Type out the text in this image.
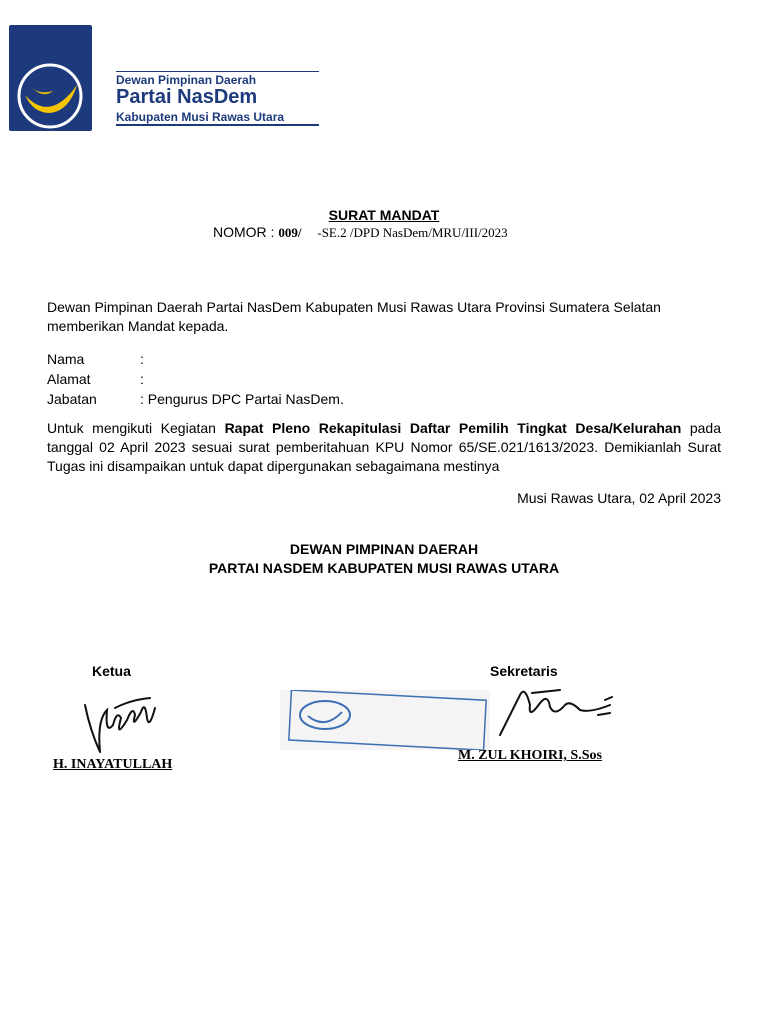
Dewan Pimpinan Daerah
Partai NasDem
Kabupaten Musi Rawas Utara
SURAT MANDAT
NOMOR : 009/ -SE.2 /DPD NasDem/MRU/III/2023
Dewan Pimpinan Daerah Partai NasDem Kabupaten Musi Rawas Utara Provinsi Sumatera Selatan memberikan Mandat kepada.
Nama	:
Alamat	:
Jabatan	: Pengurus DPC Partai NasDem.
Untuk mengikuti Kegiatan Rapat Pleno Rekapitulasi Daftar Pemilih Tingkat Desa/Kelurahan pada tanggal 02 April 2023 sesuai surat pemberitahuan KPU Nomor 65/SE.021/1613/2023. Demikianlah Surat Tugas ini disampaikan untuk dapat dipergunakan sebagaimana mestinya
Musi Rawas Utara, 02 April 2023
DEWAN PIMPINAN DAERAH
PARTAI NASDEM KABUPATEN MUSI RAWAS UTARA
Ketua	Sekretaris
H. INAYATULLAH
M. ZUL KHOIRI, S.Sos
